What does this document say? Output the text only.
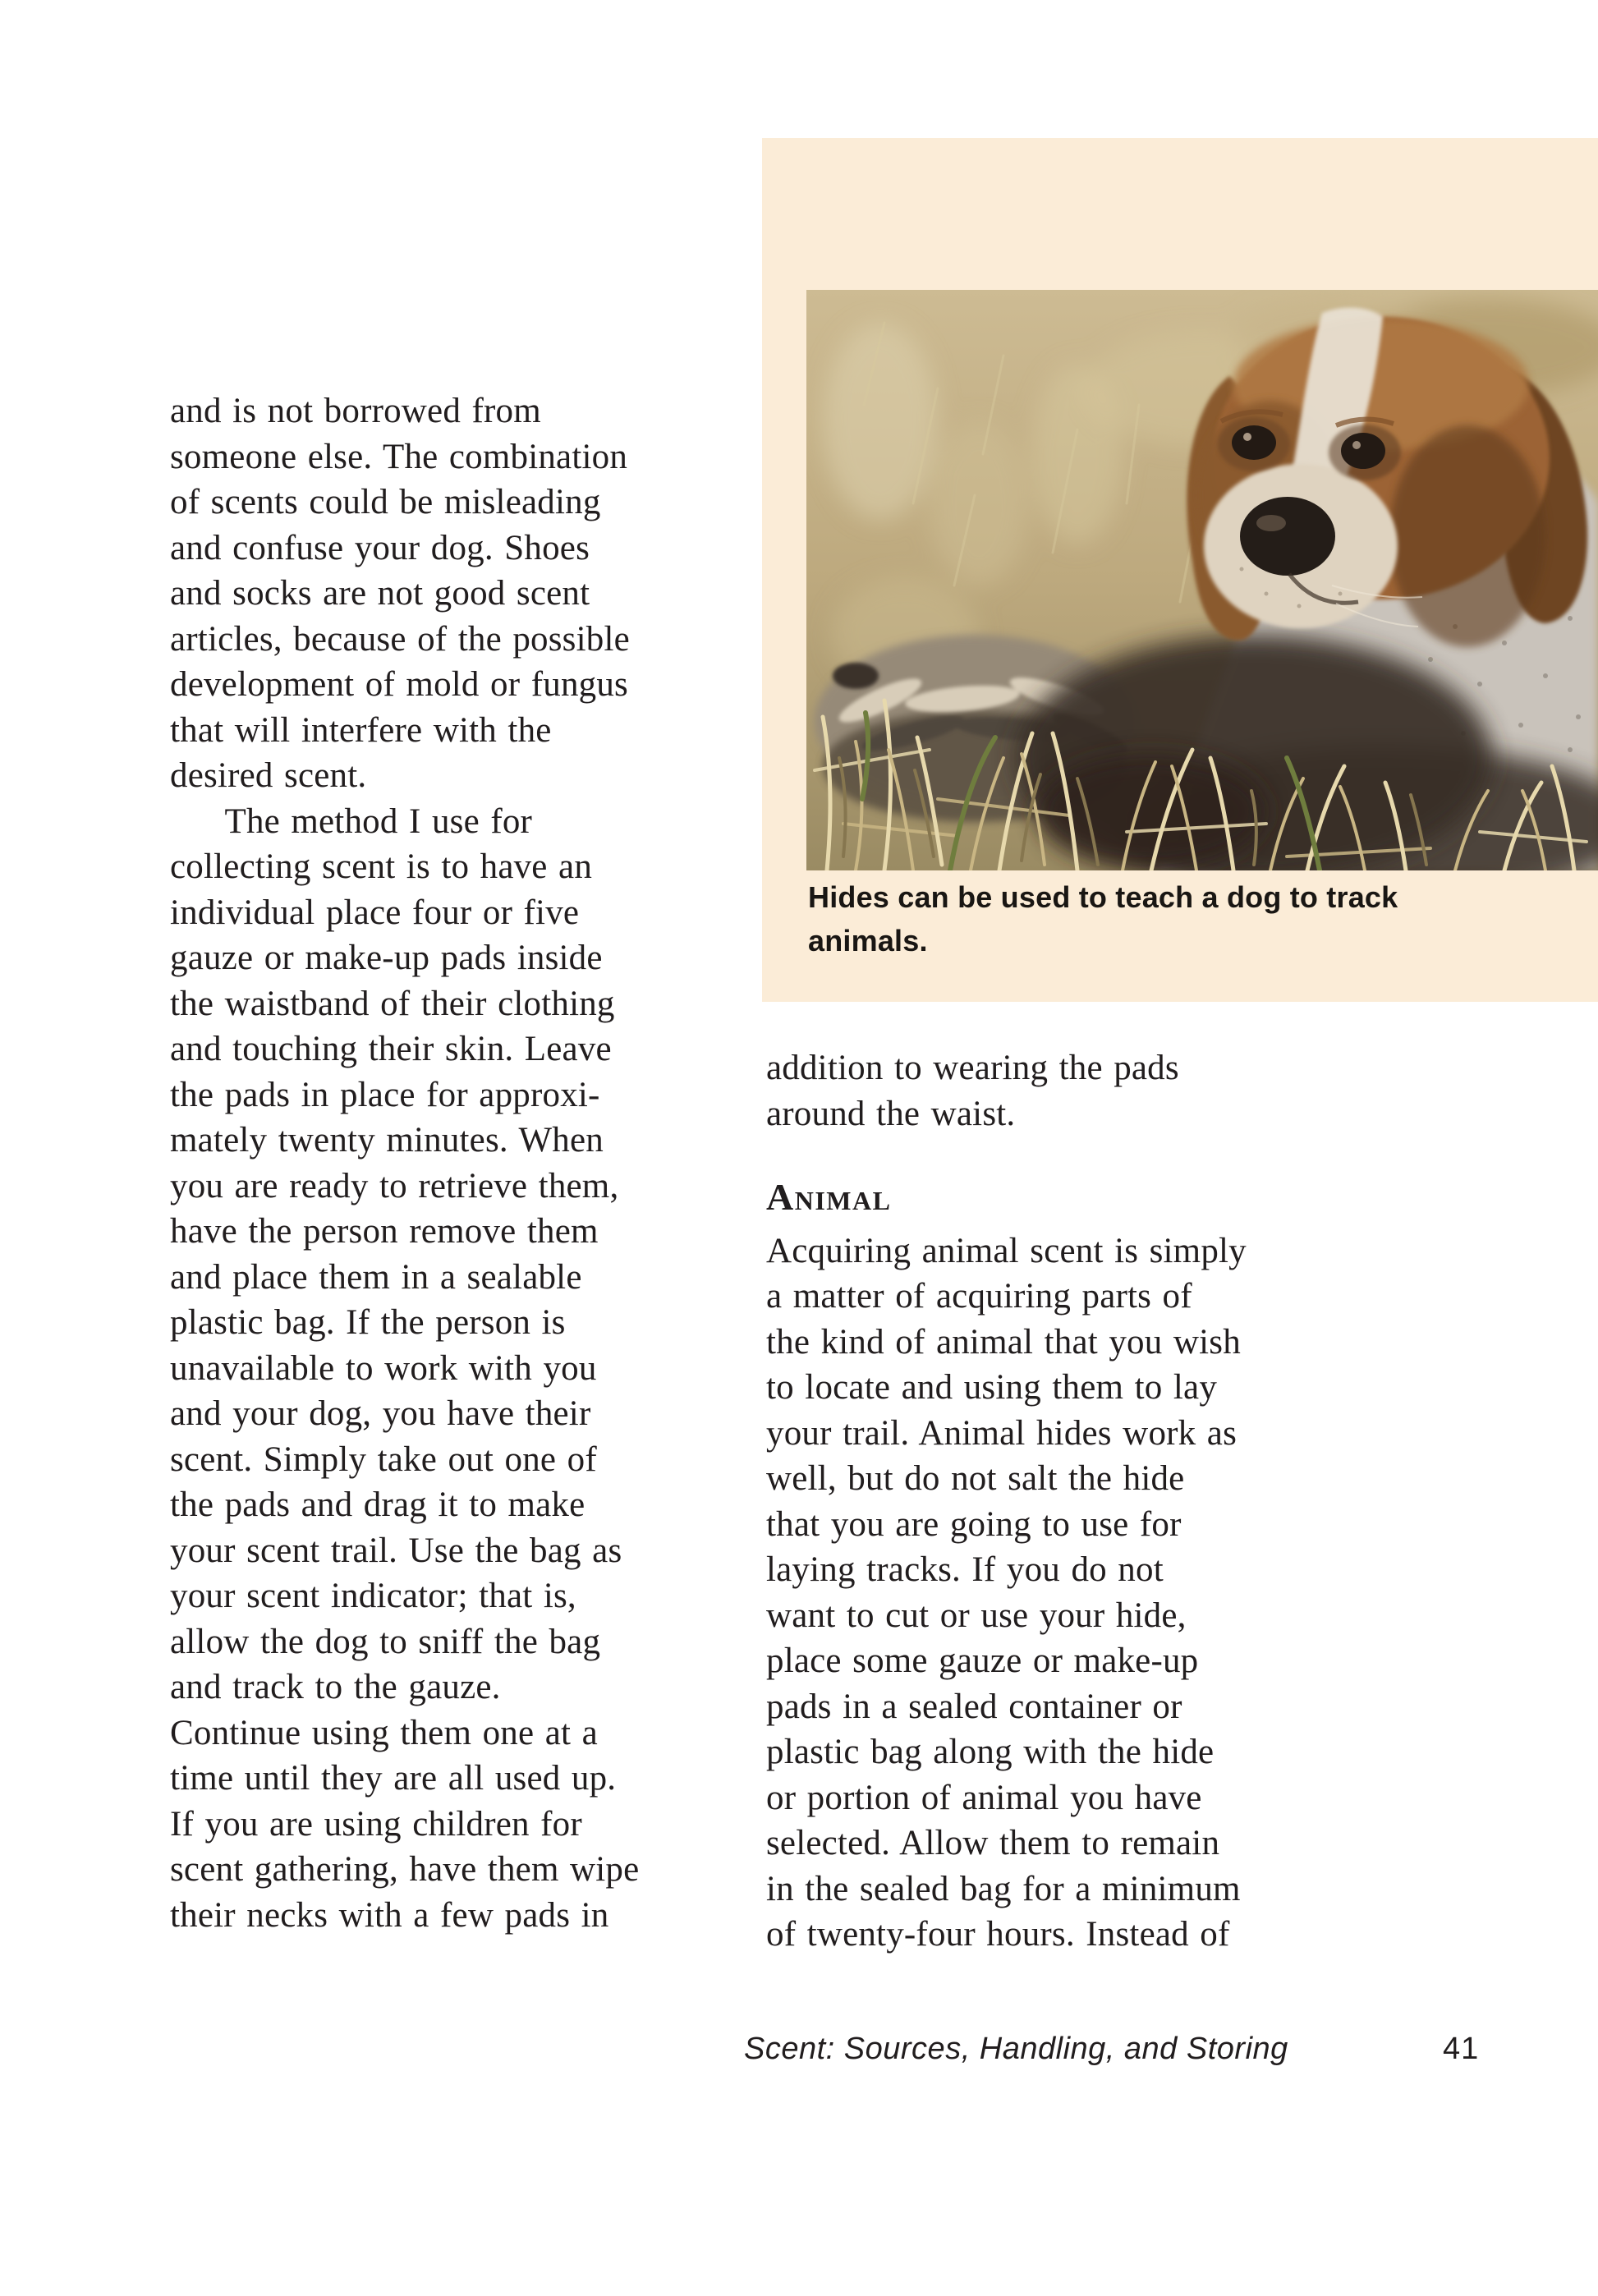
Hides can be used to teach a dog to track
animals.
and is not borrowed from
someone else. The combination
of scents could be misleading
and confuse your dog. Shoes
and socks are not good scent
articles, because of the possible
development of mold or fungus
that will interfere with the
desired scent.
The method I use for
collecting scent is to have an
individual place four or five
gauze or make-up pads inside
the waistband of their clothing
and touching their skin. Leave
the pads in place for approxi-
mately twenty minutes. When
you are ready to retrieve them,
have the person remove them
and place them in a sealable
plastic bag. If the person is
unavailable to work with you
and your dog, you have their
scent. Simply take out one of
the pads and drag it to make
your scent trail. Use the bag as
your scent indicator; that is,
allow the dog to sniff the bag
and track to the gauze.
Continue using them one at a
time until they are all used up.
If you are using children for
scent gathering, have them wipe
their necks with a few pads in
addition to wearing the pads
around the waist.
Animal
Acquiring animal scent is simply
a matter of acquiring parts of
the kind of animal that you wish
to locate and using them to lay
your trail. Animal hides work as
well, but do not salt the hide
that you are going to use for
laying tracks. If you do not
want to cut or use your hide,
place some gauze or make-up
pads in a sealed container or
plastic bag along with the hide
or portion of animal you have
selected. Allow them to remain
in the sealed bag for a minimum
of twenty-four hours. Instead of
Scent: Sources, Handling, and Storing	41
